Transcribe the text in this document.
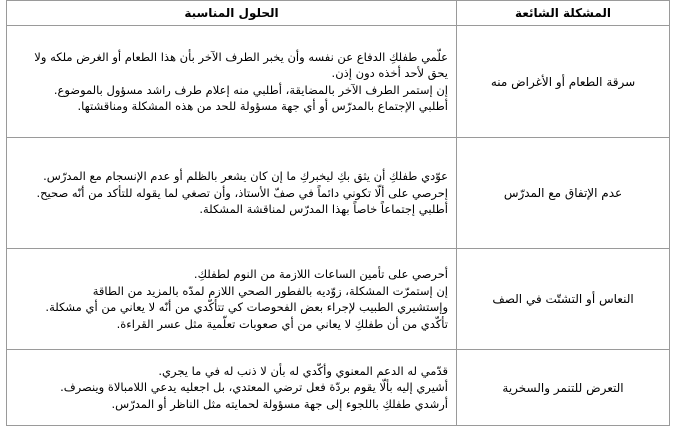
المشكلة الشائعة	الحلول المناسبة
سرقة الطعام أو الأغراض منه	علّمي طفلكِ الدفاع عن نفسه وأن يخبر الطرف الآخر بأن هذا الطعام أو الغرض ملكه ولا يحق لأحد أخذه دون إذن.

إن إستمر الطرف الآخر بالمضايقة، أطلبي منه إعلام طرف راشد مسؤول بالموضوع.

أطلبي الإجتماع بالمدرّس أو أي جهة مسؤولة للحد من هذه المشكلة ومناقشتها.

عدم الإتفاق مع المدرّس	عوّدي طفلكِ أن يثق بكِ ليخبركِ ما إن كان يشعر بالظلم أو عدم الإنسجام مع المدرّس.

إحرصي على ألّا تكوني دائماً في صفّ الأستاذ، وأن تصغي لما يقوله للتأكد من أنّه صحيح.

أطلبي إجتماعاً خاصاً بهذا المدرّس لمناقشة المشكلة.

النعاس أو التشتّت في الصف	أحرصي على تأمين الساعات اللازمة من النوم لطفلكِ.

إن إستمرّت المشكلة، زوّديه بالفطور الصحي اللازم لمدّه بالمزيد من الطاقة

وإستشيري الطبيب لإجراء بعض الفحوصات كي تتأكّدي من أنّه لا يعاني من أي مشكلة.

تأكّدي من أن طفلكِ لا يعاني من أي صعوبات تعلّمية مثل عسر القراءة.

التعرض للتنمر والسخرية	قدّمي له الدعم المعنوي وأكّدي له بأن لا ذنب له في ما يجري.

أشيري إليه بألّا يقوم بردّة فعل ترضي المعتدي، بل اجعليه يدعي اللامبالاة وينصرف.

أرشدي طفلكِ باللجوء إلى جهة مسؤولة لحمايته مثل الناظر أو المدرّس.
